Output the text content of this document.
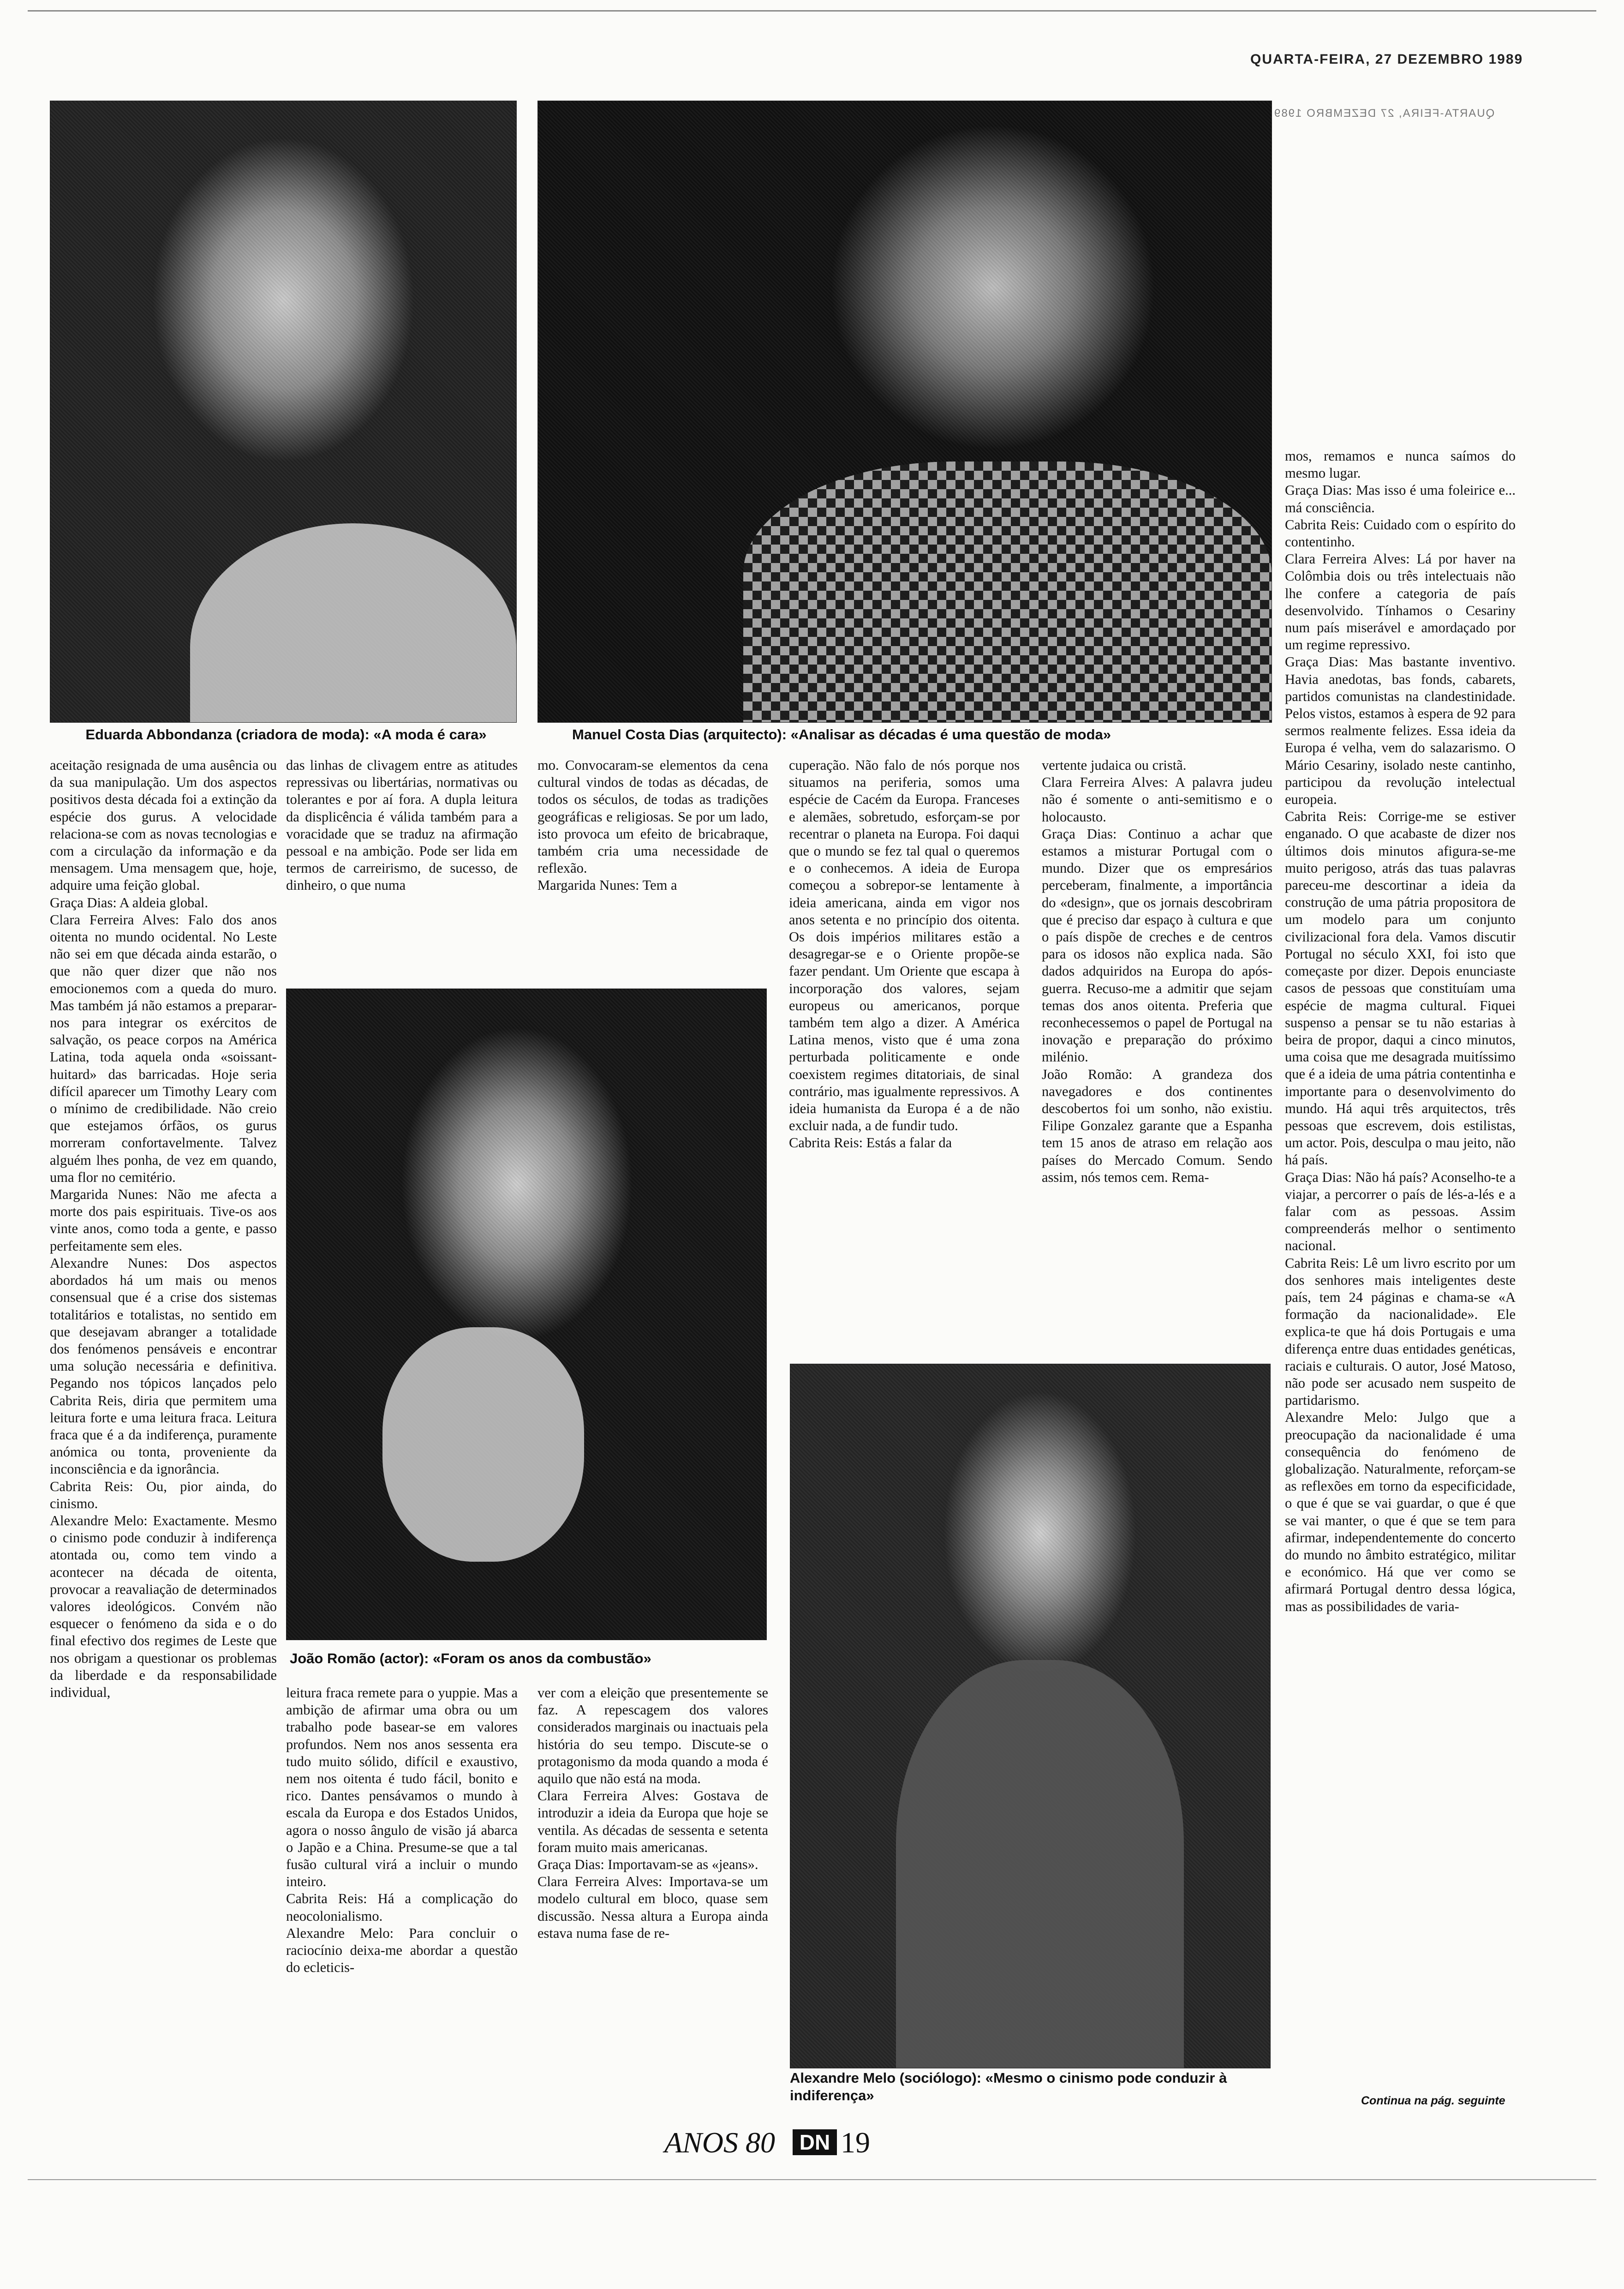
QUARTA-FEIRA, 27 DEZEMBRO 1989
QUARTA-FEIRA, 27 DEZEMBRO 1989
Eduarda Abbondanza (criadora de moda): «A moda é cara»	Manuel Costa Dias (arquitecto): «Analisar as décadas é uma questão de moda»
aceitação resignada de uma ausência ou da sua manipulação. Um dos aspectos positivos desta década foi a extinção da espécie dos gurus. A velocidade relaciona-se com as novas tecnologias e com a circulação da informação e da mensagem. Uma mensagem que, hoje, adquire uma feição global.
Graça Dias: A aldeia global.
Clara Ferreira Alves: Falo dos anos oitenta no mundo ocidental. No Leste não sei em que década ainda estarão, o que não quer dizer que não nos emocionemos com a queda do muro. Mas também já não estamos a preparar-nos para integrar os exércitos de salvação, os peace corpos na América Latina, toda aquela onda «soissant-huitard» das barricadas. Hoje seria difícil aparecer um Timothy Leary com o mínimo de credibilidade. Não creio que estejamos órfãos, os gurus morreram confortavelmente. Talvez alguém lhes ponha, de vez em quando, uma flor no cemitério.
Margarida Nunes: Não me afecta a morte dos pais espirituais. Tive-os aos vinte anos, como toda a gente, e passo perfeitamente sem eles.
Alexandre Nunes: Dos aspectos abordados há um mais ou menos consensual que é a crise dos sistemas totalitários e totalistas, no sentido em que desejavam abranger a totalidade dos fenómenos pensáveis e encontrar uma solução necessária e definitiva. Pegando nos tópicos lançados pelo Cabrita Reis, diria que permitem uma leitura forte e uma leitura fraca. Leitura fraca que é a da indiferença, puramente anómica ou tonta, proveniente da inconsciência e da ignorância.
Cabrita Reis: Ou, pior ainda, do cinismo.
Alexandre Melo: Exactamente. Mesmo o cinismo pode conduzir à indiferença atontada ou, como tem vindo a acontecer na década de oitenta, provocar a reavaliação de determinados valores ideológicos. Convém não esquecer o fenómeno da sida e o do final efectivo dos regimes de Leste que nos obrigam a questionar os problemas da liberdade e da responsabilidade individual,
das linhas de clivagem entre as atitudes repressivas ou libertárias, normativas ou tolerantes e por aí fora. A dupla leitura da displicência é válida também para a voracidade que se traduz na afirmação pessoal e na ambição. Pode ser lida em termos de carreirismo, de sucesso, de dinheiro, o que numa
mo. Convocaram-se elementos da cena cultural vindos de todas as décadas, de todos os séculos, de todas as tradições geográficas e religiosas. Se por um lado, isto provoca um efeito de bricabraque, também cria uma necessidade de reflexão.
Margarida Nunes: Tem a
João Romão (actor): «Foram os anos da combustão»
leitura fraca remete para o yuppie. Mas a ambição de afirmar uma obra ou um trabalho pode basear-se em valores profundos. Nem nos anos sessenta era tudo muito sólido, difícil e exaustivo, nem nos oitenta é tudo fácil, bonito e rico. Dantes pensávamos o mundo à escala da Europa e dos Estados Unidos, agora o nosso ângulo de visão já abarca o Japão e a China. Presume-se que a tal fusão cultural virá a incluir o mundo inteiro.
Cabrita Reis: Há a complicação do neocolonialismo.
Alexandre Melo: Para concluir o raciocínio deixa-me abordar a questão do ecleticis-
ver com a eleição que presentemente se faz. A repescagem dos valores considerados marginais ou inactuais pela história do seu tempo. Discute-se o protagonismo da moda quando a moda é aquilo que não está na moda.
Clara Ferreira Alves: Gostava de introduzir a ideia da Europa que hoje se ventila. As décadas de sessenta e setenta foram muito mais americanas.
Graça Dias: Importavam-se as «jeans».
Clara Ferreira Alves: Importava-se um modelo cultural em bloco, quase sem discussão. Nessa altura a Europa ainda estava numa fase de re-
cuperação. Não falo de nós porque nos situamos na periferia, somos uma espécie de Cacém da Europa. Franceses e alemães, sobretudo, esforçam-se por recentrar o planeta na Europa. Foi daqui que o mundo se fez tal qual o queremos e o conhecemos. A ideia de Europa começou a sobrepor-se lentamente à ideia americana, ainda em vigor nos anos setenta e no princípio dos oitenta. Os dois impérios militares estão a desagregar-se e o Oriente propõe-se fazer pendant. Um Oriente que escapa à incorporação dos valores, sejam europeus ou americanos, porque também tem algo a dizer. A América Latina menos, visto que é uma zona perturbada politicamente e onde coexistem regimes ditatoriais, de sinal contrário, mas igualmente repressivos. A ideia humanista da Europa é a de não excluir nada, a de fundir tudo.
Cabrita Reis: Estás a falar da
vertente judaica ou cristã.
Clara Ferreira Alves: A palavra judeu não é somente o anti-semitismo e o holocausto.
Graça Dias: Continuo a achar que estamos a misturar Portugal com o mundo. Dizer que os empresários perceberam, finalmente, a importância do «design», que os jornais descobriram que é preciso dar espaço à cultura e que o país dispõe de creches e de centros para os idosos não explica nada. São dados adquiridos na Europa do após-guerra. Recuso-me a admitir que sejam temas dos anos oitenta. Preferia que reconhecessemos o papel de Portugal na inovação e preparação do próximo milénio.
João Romão: A grandeza dos navegadores e dos continentes descobertos foi um sonho, não existiu. Filipe Gonzalez garante que a Espanha tem 15 anos de atraso em relação aos países do Mercado Comum. Sendo assim, nós temos cem. Rema-
Alexandre Melo (sociólogo): «Mesmo o cinismo pode conduzir à indiferença»
mos, remamos e nunca saímos do mesmo lugar.
Graça Dias: Mas isso é uma foleirice e... má consciência.
Cabrita Reis: Cuidado com o espírito do contentinho.
Clara Ferreira Alves: Lá por haver na Colômbia dois ou três intelectuais não lhe confere a categoria de país desenvolvido. Tínhamos o Cesariny num país miserável e amordaçado por um regime repressivo.
Graça Dias: Mas bastante inventivo. Havia anedotas, bas fonds, cabarets, partidos comunistas na clandestinidade. Pelos vistos, estamos à espera de 92 para sermos realmente felizes. Essa ideia da Europa é velha, vem do salazarismo. O Mário Cesariny, isolado neste cantinho, participou da revolução intelectual europeia.
Cabrita Reis: Corrige-me se estiver enganado. O que acabaste de dizer nos últimos dois minutos afigura-se-me muito perigoso, atrás das tuas palavras pareceu-me descortinar a ideia da construção de uma pátria propositora de um modelo para um conjunto civilizacional fora dela. Vamos discutir Portugal no século XXI, foi isto que começaste por dizer. Depois enunciaste casos de pessoas que constituíam uma espécie de magma cultural. Fiquei suspenso a pensar se tu não estarias à beira de propor, daqui a cinco minutos, uma coisa que me desagrada muitíssimo que é a ideia de uma pátria contentinha e importante para o desenvolvimento do mundo. Há aqui três arquitectos, três pessoas que escrevem, dois estilistas, um actor. Pois, desculpa o mau jeito, não há país.
Graça Dias: Não há país? Aconselho-te a viajar, a percorrer o país de lés-a-lés e a falar com as pessoas. Assim compreenderás melhor o sentimento nacional.
Cabrita Reis: Lê um livro escrito por um dos senhores mais inteligentes deste país, tem 24 páginas e chama-se «A formação da nacionalidade». Ele explica-te que há dois Portugais e uma diferença entre duas entidades genéticas, raciais e culturais. O autor, José Matoso, não pode ser acusado nem suspeito de partidarismo.
Alexandre Melo: Julgo que a preocupação da nacionalidade é uma consequência do fenómeno de globalização. Naturalmente, reforçam-se as reflexões em torno da especificidade, o que é que se vai guardar, o que é que se vai manter, o que é que se tem para afirmar, independentemente do concerto do mundo no âmbito estratégico, militar e económico. Há que ver como se afirmará Portugal dentro dessa lógica, mas as possibilidades de varia-
Continua na pág. seguinte
ANOS 80	DN 19
